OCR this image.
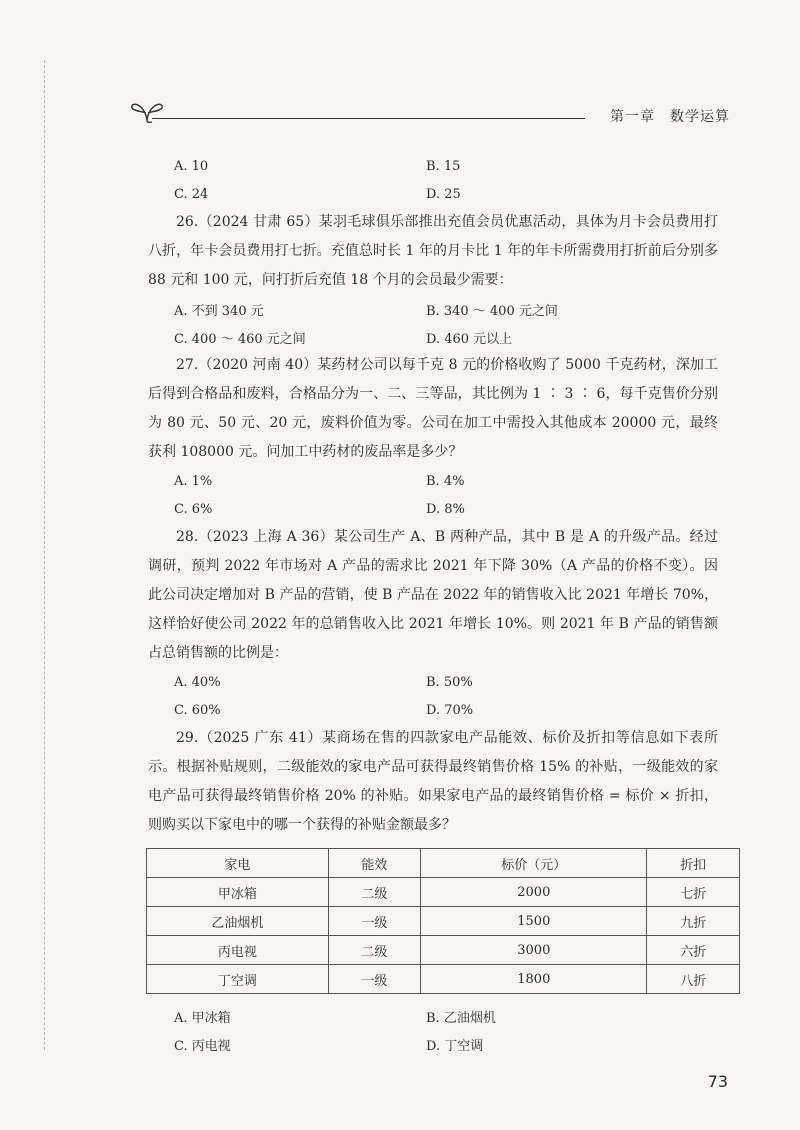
第一章　数学运算
A. 10	B. 15
C. 24	D. 25

26.（2024 甘肃 65）某羽毛球俱乐部推出充值会员优惠活动，具体为月卡会员费用打八折，年卡会员费用打七折。充值总时长 1 年的月卡比 1 年的年卡所需费用打折前后分别多 88 元和 100 元，问打折后充值 18 个月的会员最少需要：

A. 不到 340 元	B. 340 ～ 400 元之间
C. 400 ～ 460 元之间	D. 460 元以上

27.（2020 河南 40）某药材公司以每千克 8 元的价格收购了 5000 千克药材，深加工后得到合格品和废料，合格品分为一、二、三等品，其比例为 1 ∶ 3 ∶ 6，每千克售价分别为 80 元、50 元、20 元，废料价值为零。公司在加工中需投入其他成本 20000 元，最终获利 108000 元。问加工中药材的废品率是多少？

A. 1%	B. 4%
C. 6%	D. 8%

28.（2023 上海 A 36）某公司生产 A、B 两种产品，其中 B 是 A 的升级产品。经过调研，预判 2022 年市场对 A 产品的需求比 2021 年下降 30%（A 产品的价格不变）。因此公司决定增加对 B 产品的营销，使 B 产品在 2022 年的销售收入比 2021 年增长 70%，这样恰好使公司 2022 年的总销售收入比 2021 年增长 10%。则 2021 年 B 产品的销售额占总销售额的比例是：

A. 40%	B. 50%
C. 60%	D. 70%

29.（2025 广东 41）某商场在售的四款家电产品能效、标价及折扣等信息如下表所示。根据补贴规则，二级能效的家电产品可获得最终销售价格 15% 的补贴，一级能效的家电产品可获得最终销售价格 20% 的补贴。如果家电产品的最终销售价格 = 标价 × 折扣，则购买以下家电中的哪一个获得的补贴金额最多？

家电	能效	标价（元）	折扣
甲冰箱	二级	2000	七折
乙油烟机	一级	1500	九折
丙电视	二级	3000	六折
丁空调	一级	1800	八折
A. 甲冰箱	B. 乙油烟机
C. 丙电视	D. 丁空调
73
